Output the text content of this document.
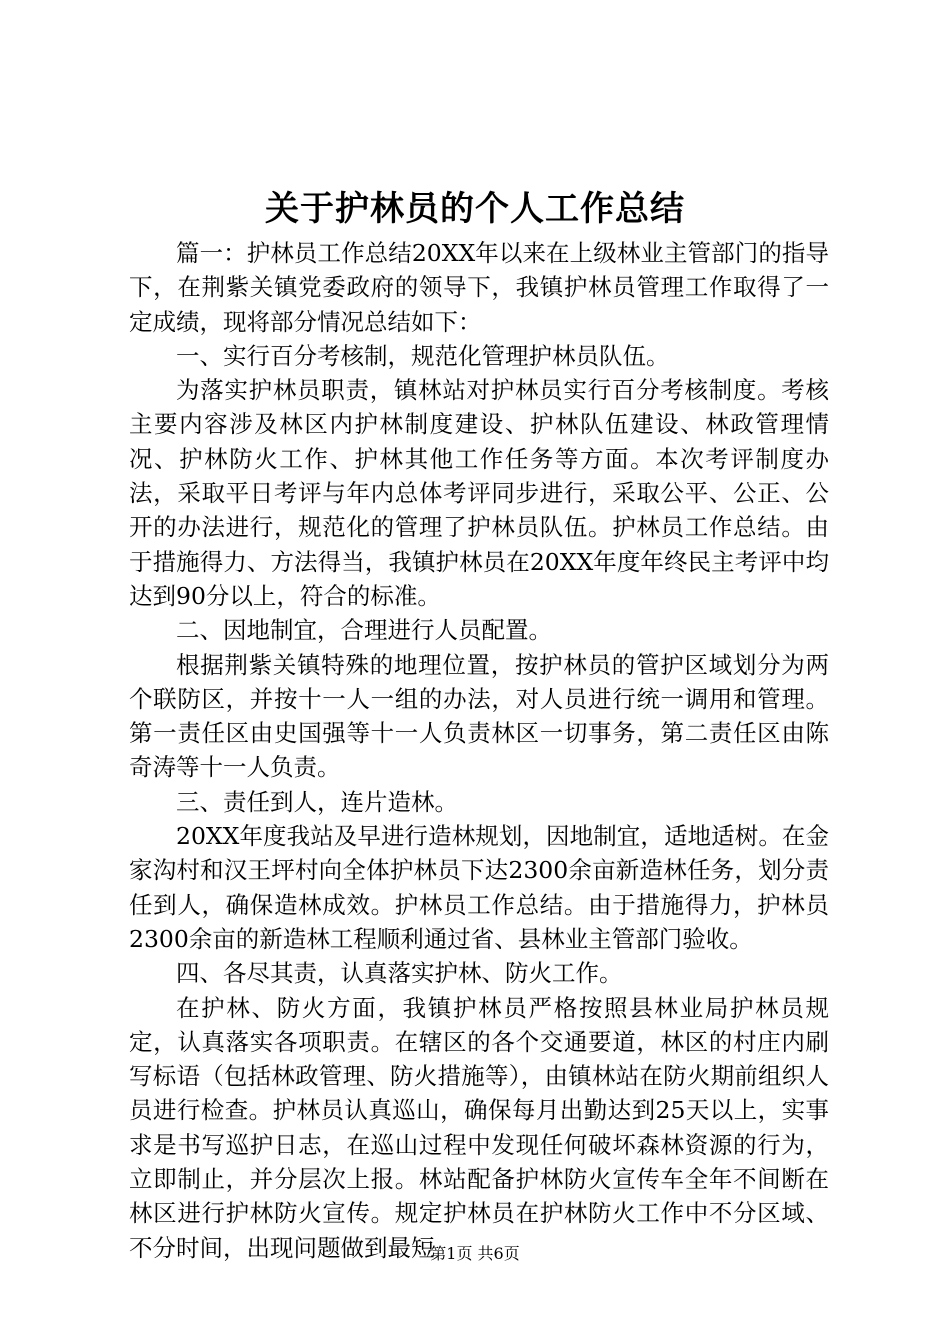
关于护林员的个人工作总结

篇一：护林员工作总结20XX年以来在上级林业主管部门的指导下，在荆紫关镇党委政府的领导下，我镇护林员管理工作取得了一定成绩，现将部分情况总结如下：

一、实行百分考核制，规范化管理护林员队伍。

为落实护林员职责，镇林站对护林员实行百分考核制度。考核主要内容涉及林区内护林制度建设、护林队伍建设、林政管理情况、护林防火工作、护林其他工作任务等方面。本次考评制度办法，采取平日考评与年内总体考评同步进行，采取公平、公正、公开的办法进行，规范化的管理了护林员队伍。护林员工作总结。由于措施得力、方法得当，我镇护林员在20XX年度年终民主考评中均达到90分以上，符合的标准。

二、因地制宜，合理进行人员配置。

根据荆紫关镇特殊的地理位置，按护林员的管护区域划分为两个联防区，并按十一人一组的办法，对人员进行统一调用和管理。第一责任区由史国强等十一人负责林区一切事务，第二责任区由陈奇涛等十一人负责。

三、责任到人，连片造林。

20XX年度我站及早进行造林规划，因地制宜，适地适树。在金家沟村和汉王坪村向全体护林员下达2300余亩新造林任务，划分责任到人，确保造林成效。护林员工作总结。由于措施得力，护林员2300余亩的新造林工程顺利通过省、县林业主管部门验收。

四、各尽其责，认真落实护林、防火工作。

在护林、防火方面，我镇护林员严格按照县林业局护林员规定，认真落实各项职责。在辖区的各个交通要道，林区的村庄内刷写标语（包括林政管理、防火措施等），由镇林站在防火期前组织人员进行检查。护林员认真巡山，确保每月出勤达到25天以上，实事求是书写巡护日志，在巡山过程中发现任何破坏森林资源的行为，立即制止，并分层次上报。林站配备护林防火宣传车全年不间断在林区进行护林防火宣传。规定护林员在护林防火工作中不分区域、不分时间，出现问题做到最短

第1页 共6页
